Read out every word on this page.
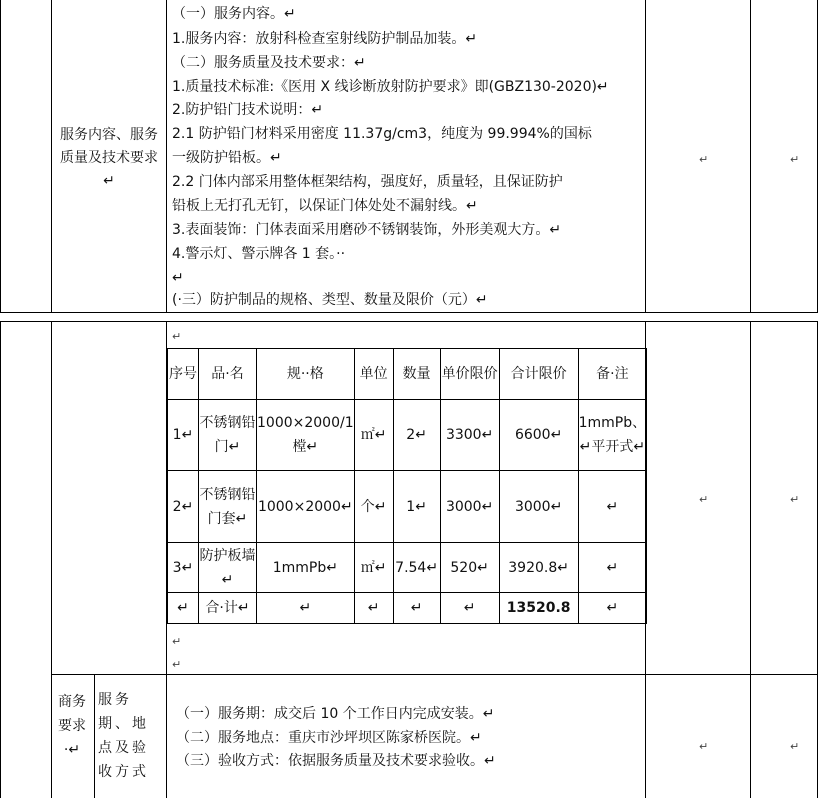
服务内容、服务质量及技术要求↵
（一）服务内容。↵
1.服务内容：放射科检查室射线防护制品加装。↵
（二）服务质量及技术要求：↵
1.质量技术标准:《医用 X 线诊断放射防护要求》即(GBZ130-2020)↵
2.防护铅门技术说明：↵
2.1 防护铅门材料采用密度 11.37g/cm3，纯度为 99.994%的国标
一级防护铅板。↵
2.2 门体内部采用整体框架结构，强度好，质量轻，且保证防护
铅板上无打孔无钉，以保证门体处处不漏射线。↵
3.表面装饰：门体表面采用磨砂不锈钢装饰，外形美观大方。↵
4.警示灯、警示牌各 1 套。··
↵
(·三）防护制品的规格、类型、数量及限价（元）↵
↵	↵
↵
序号	品·名	规··格	单位	数量	单价限价	合计限价	备·注
1↵	不锈钢铅门↵	1000×2000/1樘↵	㎡↵	2↵	3300↵	6600↵	1mmPb、↵平开式↵
2↵	不锈钢铅门套↵	1000×2000↵	个↵	1↵	3000↵	3000↵	↵
3↵	防护板墙↵	1mmPb↵	㎡↵	7.54↵	520↵	3920.8↵	↵
↵	合·计↵	↵	↵	↵	↵	13520.8	↵
↵
↵
↵	↵
商务要求·↵
服务期、地点及验收方式
（一）服务期：成交后 10 个工作日内完成安装。↵
（二）服务地点：重庆市沙坪坝区陈家桥医院。↵
（三）验收方式：依据服务质量及技术要求验收。↵
↵	↵
